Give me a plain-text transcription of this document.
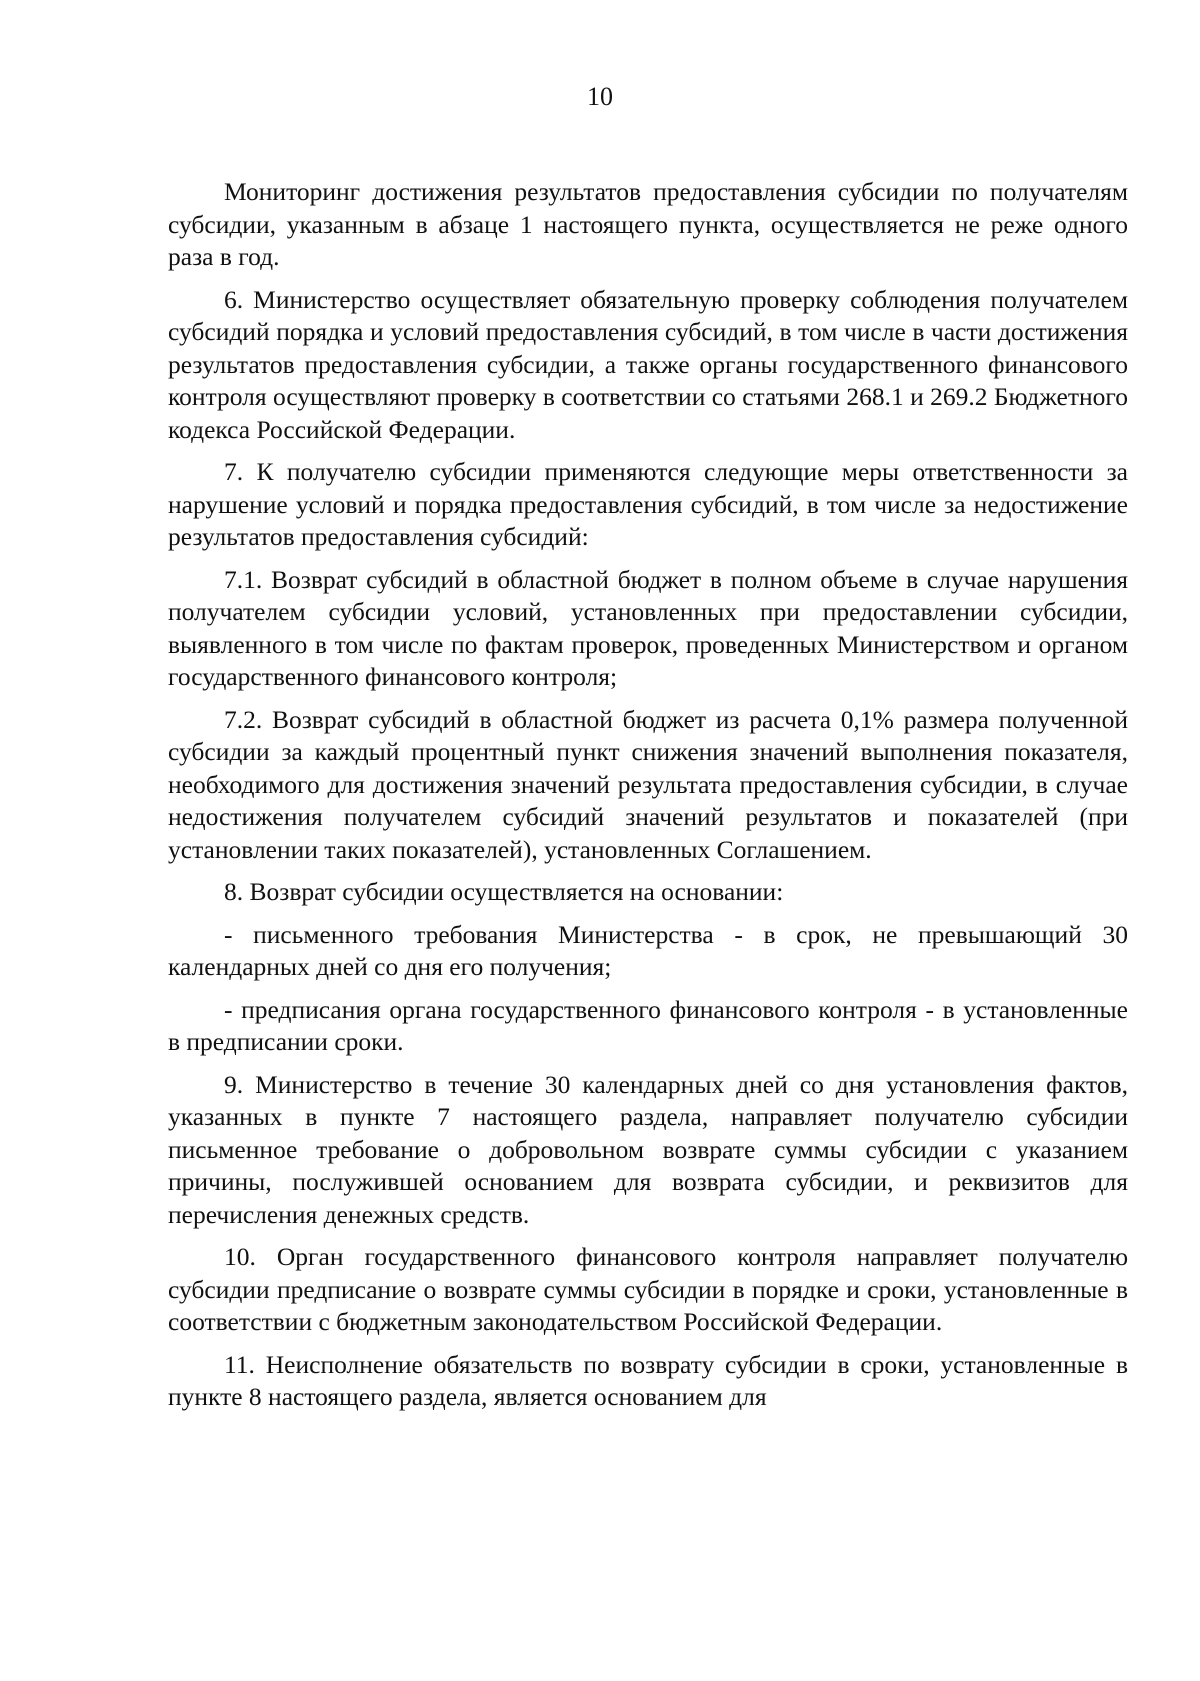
10

Мониторинг достижения результатов предоставления субсидии по получателям субсидии, указанным в абзаце 1 настоящего пункта, осуществляется не реже одного раза в год.

6. Министерство осуществляет обязательную проверку соблюдения получателем субсидий порядка и условий предоставления субсидий, в том числе в части достижения результатов предоставления субсидии, а также органы государственного финансового контроля осуществляют проверку в соответствии со статьями 268.1 и 269.2 Бюджетного кодекса Российской Федерации.

7. К получателю субсидии применяются следующие меры ответственности за нарушение условий и порядка предоставления субсидий, в том числе за недостижение результатов предоставления субсидий:

7.1. Возврат субсидий в областной бюджет в полном объеме в случае нарушения получателем субсидии условий, установленных при предоставлении субсидии, выявленного в том числе по фактам проверок, проведенных Министерством и органом государственного финансового контроля;

7.2. Возврат субсидий в областной бюджет из расчета 0,1% размера полученной субсидии за каждый процентный пункт снижения значений выполнения показателя, необходимого для достижения значений результата предоставления субсидии, в случае недостижения получателем субсидий значений результатов и показателей (при установлении таких показателей), установленных Соглашением.

8. Возврат субсидии осуществляется на основании:

- письменного требования Министерства - в срок, не превышающий 30 календарных дней со дня его получения;

- предписания органа государственного финансового контроля - в установленные в предписании сроки.

9. Министерство в течение 30 календарных дней со дня установления фактов, указанных в пункте 7 настоящего раздела, направляет получателю субсидии письменное требование о добровольном возврате суммы субсидии с указанием причины, послужившей основанием для возврата субсидии, и реквизитов для перечисления денежных средств.

10. Орган государственного финансового контроля направляет получателю субсидии предписание о возврате суммы субсидии в порядке и сроки, установленные в соответствии с бюджетным законодательством Российской Федерации.

11. Неисполнение обязательств по возврату субсидии в сроки, установленные в пункте 8 настоящего раздела, является основанием для
